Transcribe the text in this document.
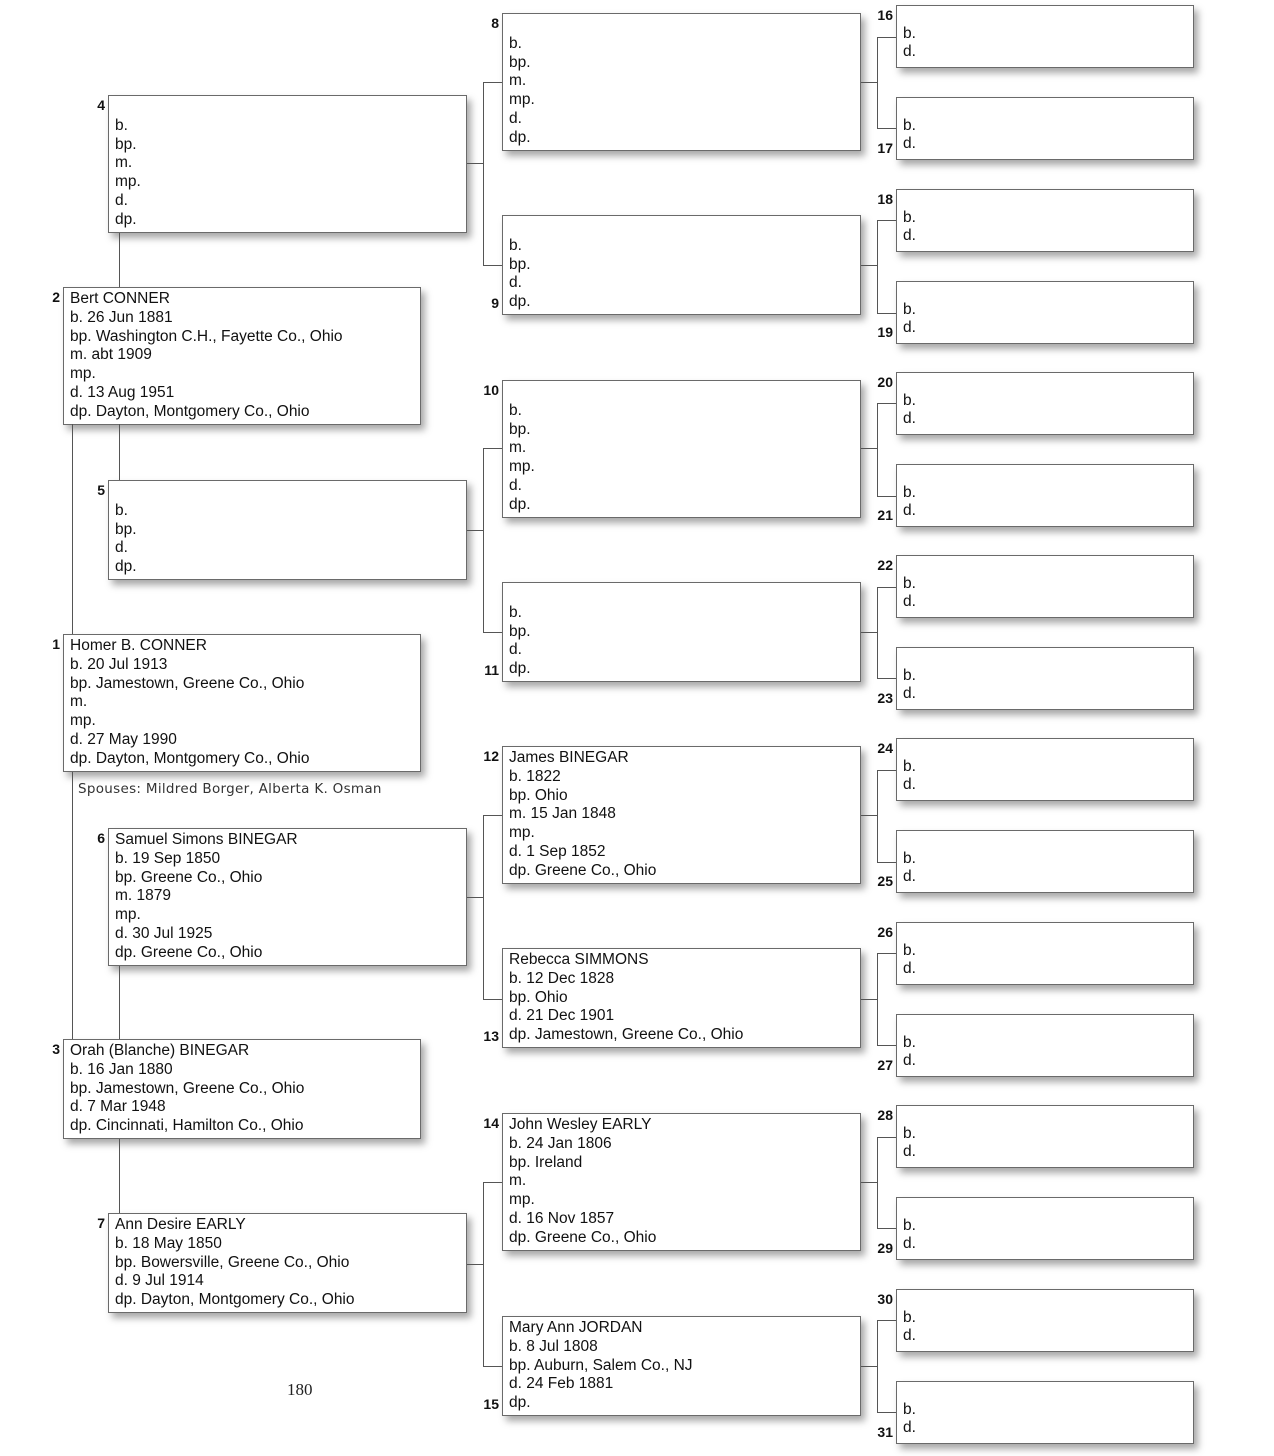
Homer B. CONNER
b. 20 Jul 1913
bp. Jamestown, Greene Co., Ohio
m.
mp.
d. 27 May 1990
dp. Dayton, Montgomery Co., Ohio
1
Bert CONNER
b. 26 Jun 1881
bp. Washington C.H., Fayette Co., Ohio
m. abt 1909
mp.
d. 13 Aug 1951
dp. Dayton, Montgomery Co., Ohio
2
Orah (Blanche) BINEGAR
b. 16 Jan 1880
bp. Jamestown, Greene Co., Ohio
d. 7 Mar 1948
dp. Cincinnati, Hamilton Co., Ohio
3

b.
bp.
m.
mp.
d.
dp.
4

b.
bp.
d.
dp.
5
Samuel Simons BINEGAR
b. 19 Sep 1850
bp. Greene Co., Ohio
m. 1879
mp.
d. 30 Jul 1925
dp. Greene Co., Ohio
6
Ann Desire EARLY
b. 18 May 1850
bp. Bowersville, Greene Co., Ohio
d. 9 Jul 1914
dp. Dayton, Montgomery Co., Ohio
7

b.
bp.
m.
mp.
d.
dp.
8

b.
bp.
d.
dp.
9

b.
bp.
m.
mp.
d.
dp.
10

b.
bp.
d.
dp.
11
James BINEGAR
b. 1822
bp. Ohio
m. 15 Jan 1848
mp.
d. 1 Sep 1852
dp. Greene Co., Ohio
12
Rebecca SIMMONS
b. 12 Dec 1828
bp. Ohio
d. 21 Dec 1901
dp. Jamestown, Greene Co., Ohio
13
John Wesley EARLY
b. 24 Jan 1806
bp. Ireland
m.
mp.
d. 16 Nov 1857
dp. Greene Co., Ohio
14
Mary Ann JORDAN
b. 8 Jul 1808
bp. Auburn, Salem Co., NJ
d. 24 Feb 1881
dp.
15

b.
d.
16

b.
d.
17

b.
d.
18

b.
d.
19

b.
d.
20

b.
d.
21

b.
d.
22

b.
d.
23

b.
d.
24

b.
d.
25

b.
d.
26

b.
d.
27

b.
d.
28

b.
d.
29

b.
d.
30

b.
d.
31
Spouses: Mildred Borger, Alberta K. Osman
180
